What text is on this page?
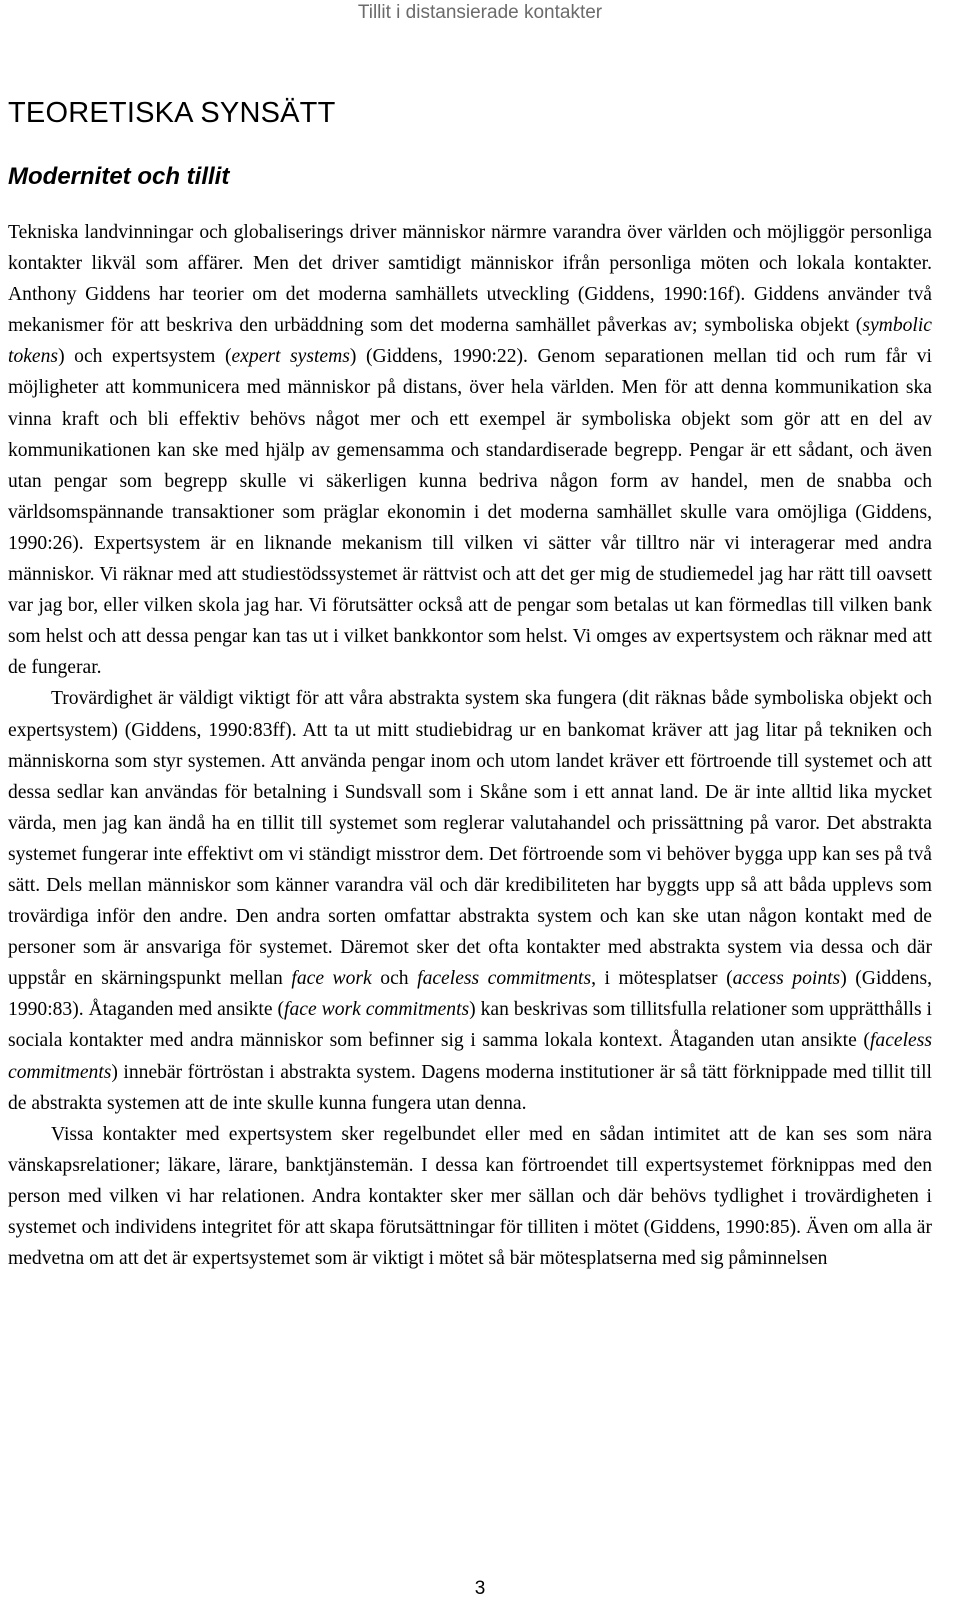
Tillit i distansierade kontakter
TEORETISKA SYNSÄTT
Modernitet och tillit

Tekniska landvinningar och globaliserings driver människor närmre varandra över världen och möjliggör personliga kontakter likväl som affärer. Men det driver samtidigt människor ifrån personliga möten och lokala kontakter. Anthony Giddens har teorier om det moderna samhällets utveckling (Giddens, 1990:16f). Giddens använder två mekanismer för att beskriva den urbäddning som det moderna samhället påverkas av; symboliska objekt (symbolic tokens) och expertsystem (expert systems) (Giddens, 1990:22). Genom separationen mellan tid och rum får vi möjligheter att kommunicera med människor på distans, över hela världen. Men för att denna kommunikation ska vinna kraft och bli effektiv behövs något mer och ett exempel är symboliska objekt som gör att en del av kommunikationen kan ske med hjälp av gemensamma och standardiserade begrepp. Pengar är ett sådant, och även utan pengar som begrepp skulle vi säkerligen kunna bedriva någon form av handel, men de snabba och världsomspännande transaktioner som präglar ekonomin i det moderna samhället skulle vara omöjliga (Giddens, 1990:26). Expertsystem är en liknande mekanism till vilken vi sätter vår tilltro när vi interagerar med andra människor. Vi räknar med att studiestödssystemet är rättvist och att det ger mig de studiemedel jag har rätt till oavsett var jag bor, eller vilken skola jag har. Vi förutsätter också att de pengar som betalas ut kan förmedlas till vilken bank som helst och att dessa pengar kan tas ut i vilket bankkontor som helst. Vi omges av expertsystem och räknar med att de fungerar.

Trovärdighet är väldigt viktigt för att våra abstrakta system ska fungera (dit räknas både symboliska objekt och expertsystem) (Giddens, 1990:83ff). Att ta ut mitt studiebidrag ur en bankomat kräver att jag litar på tekniken och människorna som styr systemen. Att använda pengar inom och utom landet kräver ett förtroende till systemet och att dessa sedlar kan användas för betalning i Sundsvall som i Skåne som i ett annat land. De är inte alltid lika mycket värda, men jag kan ändå ha en tillit till systemet som reglerar valutahandel och prissättning på varor. Det abstrakta systemet fungerar inte effektivt om vi ständigt misstror dem. Det förtroende som vi behöver bygga upp kan ses på två sätt. Dels mellan människor som känner varandra väl och där kredibiliteten har byggts upp så att båda upplevs som trovärdiga inför den andre. Den andra sorten omfattar abstrakta system och kan ske utan någon kontakt med de personer som är ansvariga för systemet. Däremot sker det ofta kontakter med abstrakta system via dessa och där uppstår en skärningspunkt mellan face work och faceless commitments, i mötesplatser (access points) (Giddens, 1990:83). Åtaganden med ansikte (face work commitments) kan beskrivas som tillitsfulla relationer som upprätthålls i sociala kontakter med andra människor som befinner sig i samma lokala kontext. Åtaganden utan ansikte (faceless commitments) innebär förtröstan i abstrakta system. Dagens moderna institutioner är så tätt förknippade med tillit till de abstrakta systemen att de inte skulle kunna fungera utan denna.

Vissa kontakter med expertsystem sker regelbundet eller med en sådan intimitet att de kan ses som nära vänskapsrelationer; läkare, lärare, banktjänstemän. I dessa kan förtroendet till expertsystemet förknippas med den person med vilken vi har relationen. Andra kontakter sker mer sällan och där behövs tydlighet i trovärdigheten i systemet och individens integritet för att skapa förutsättningar för tilliten i mötet (Giddens, 1990:85). Även om alla är medvetna om att det är expertsystemet som är viktigt i mötet så bär mötesplatserna med sig påminnelsen

3
